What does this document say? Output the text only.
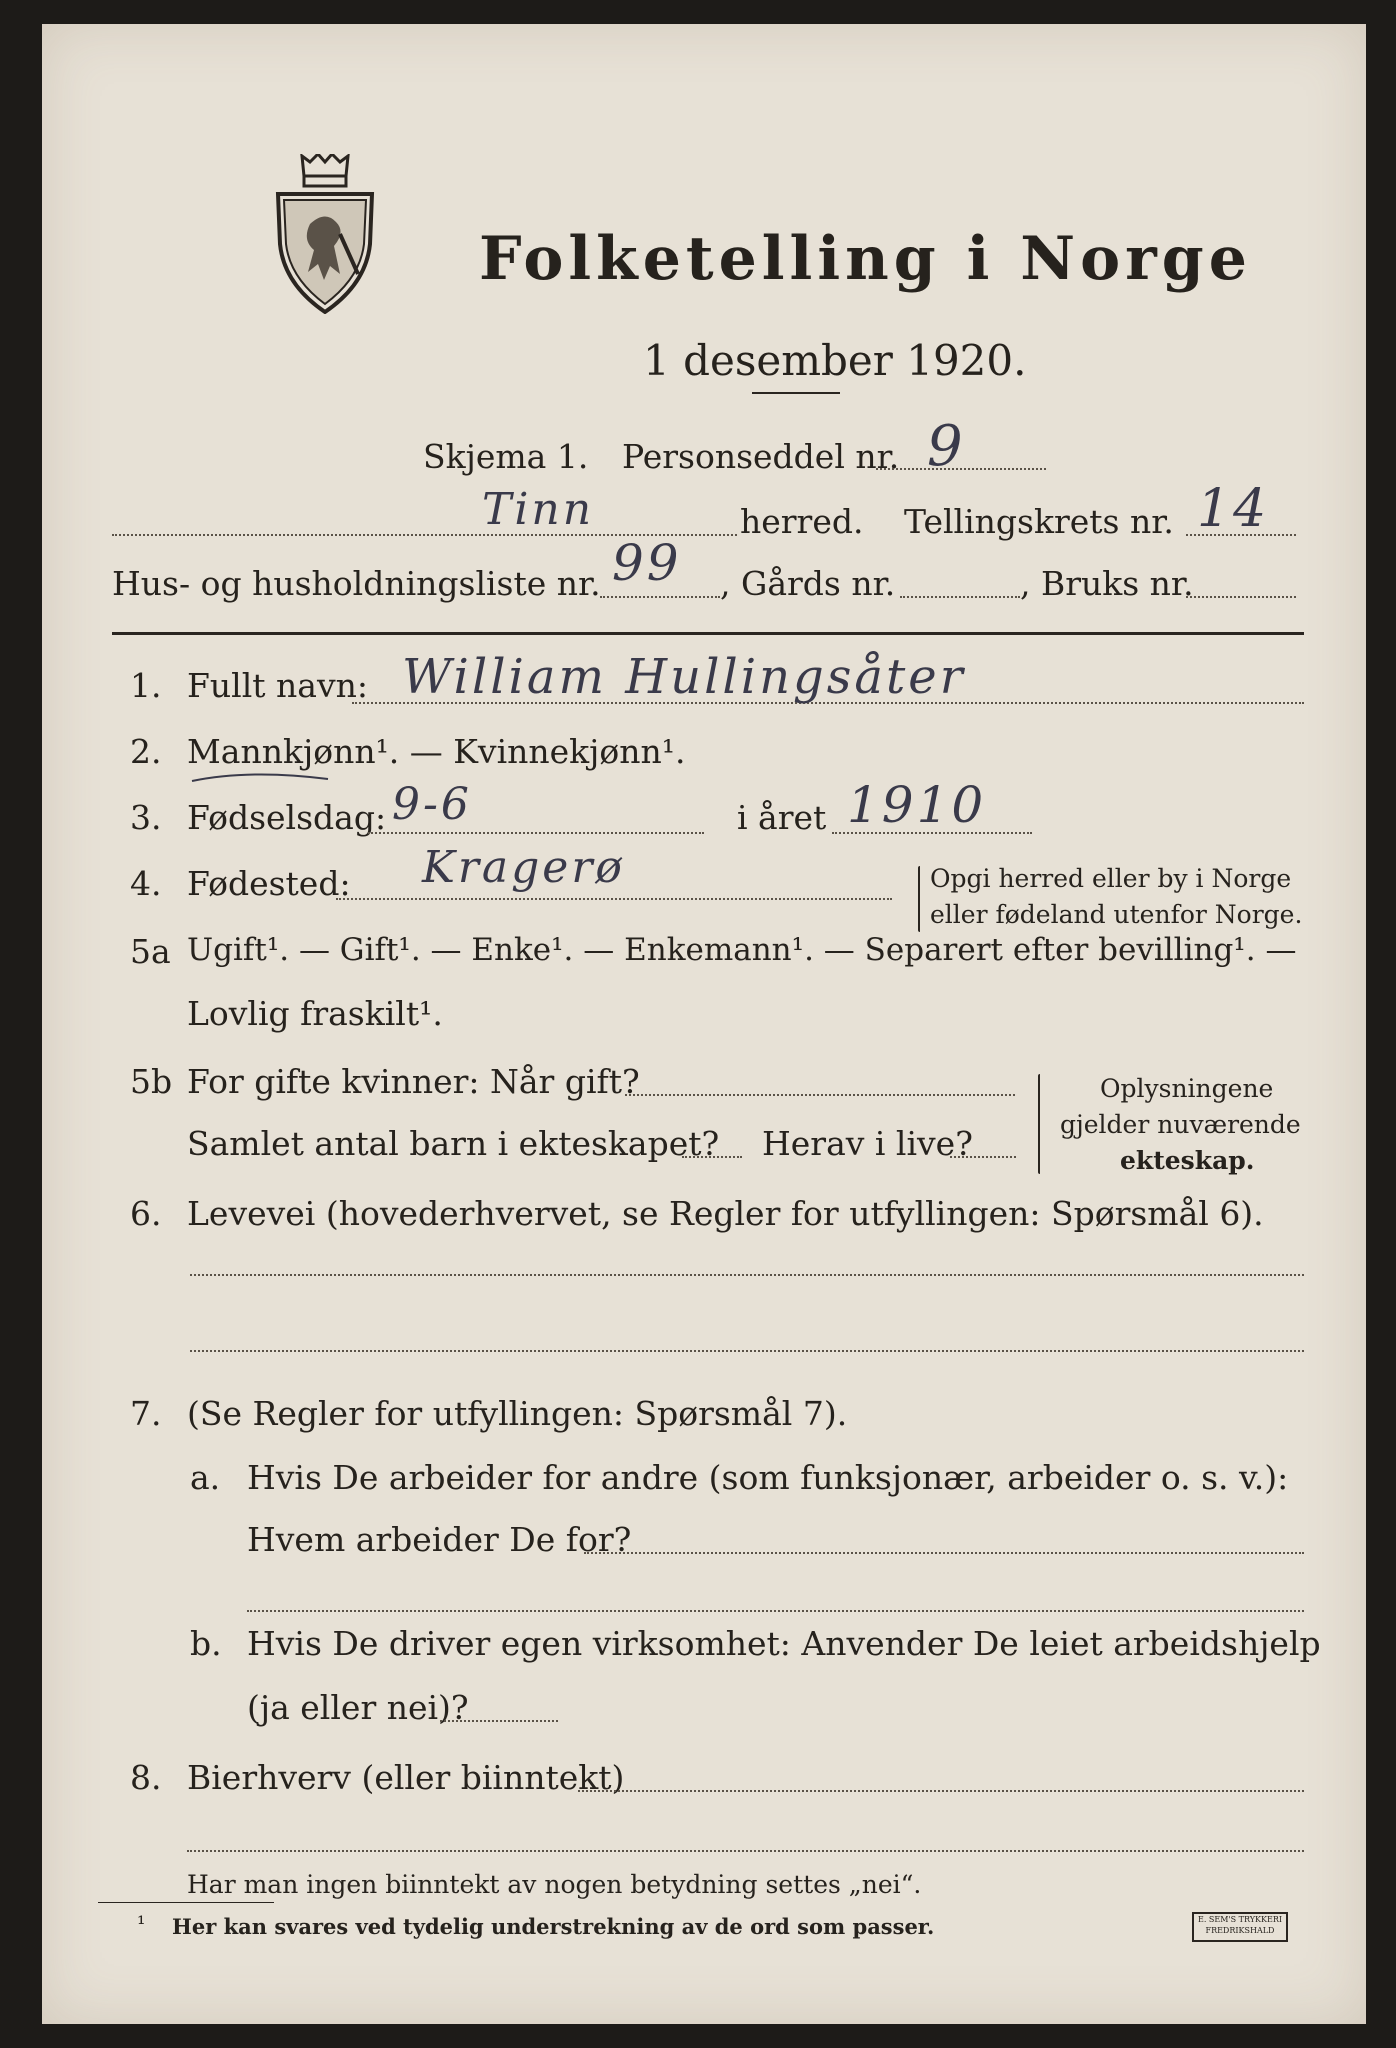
Folketelling i Norge
1 desember 1920.
Skjema 1. Personseddel nr. 9
Tinn	herred. Tellingskrets nr. 14
Hus- og husholdningsliste nr. 99 , Gårds nr.	, Bruks nr.
1. Fullt navn: William Hullingsåter
2. Mannkjønn¹. — Kvinnekjønn¹.
3. Fødselsdag: 9-6	i året 1910
4. Fødested: Kragerø	Opgi herred eller by i Norge
eller fødeland utenfor Norge.
5a Ugift¹. — Gift¹. — Enke¹. — Enkemann¹. — Separert efter bevilling¹. —
Lovlig fraskilt¹.
5b For gifte kvinner: Når gift?
Samlet antal barn i ekteskapet? Herav i live?
Oplysningene
gjelder nuværende
ekteskap.
6. Levevei (hovederhvervet, se Regler for utfyllingen: Spørsmål 6).
7. (Se Regler for utfyllingen: Spørsmål 7).
a. Hvis De arbeider for andre (som funksjonær, arbeider o. s. v.):
Hvem arbeider De for?
b. Hvis De driver egen virksomhet: Anvender De leiet arbeidshjelp
(ja eller nei)?
8. Bierhverv (eller biinntekt)
Har man ingen biinntekt av nogen betydning settes „nei“.
¹ Her kan svares ved tydelig understrekning av de ord som passer.	E. SEM'S TRYKKERI
FREDRIKSHALD
